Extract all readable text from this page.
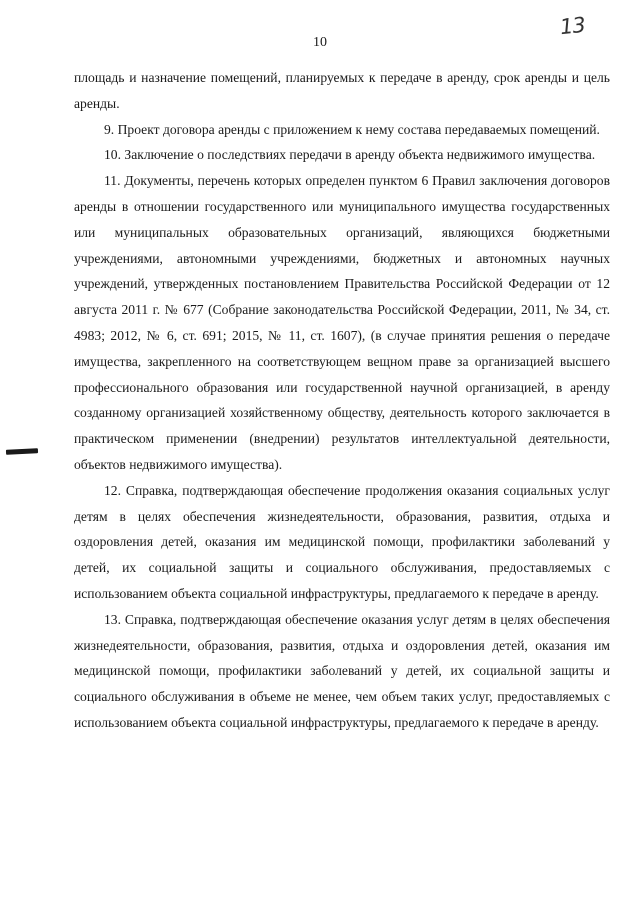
10
13

площадь и назначение помещений, планируемых к передаче в аренду, срок аренды и цель аренды.

9. Проект договора аренды с приложением к нему состава передаваемых помещений.

10. Заключение о последствиях передачи в аренду объекта недвижимого имущества.

11. Документы, перечень которых определен пунктом 6 Правил заключения договоров аренды в отношении государственного или муниципального имущества государственных или муниципальных образовательных организаций, являющихся бюджетными учреждениями, автономными учреждениями, бюджетных и автономных научных учреждений, утвержденных постановлением Правительства Российской Федерации от 12 августа 2011 г. № 677 (Собрание законодательства Российской Федерации, 2011, № 34, ст. 4983; 2012, № 6, ст. 691; 2015, № 11, ст. 1607), (в случае принятия решения о передаче имущества, закрепленного на соответствующем вещном праве за организацией высшего профессионального образования или государственной научной организацией, в аренду созданному организацией хозяйственному обществу, деятельность которого заключается в практическом применении (внедрении) результатов интеллектуальной деятельности, объектов недвижимого имущества).

12. Справка, подтверждающая обеспечение продолжения оказания социальных услуг детям в целях обеспечения жизнедеятельности, образования, развития, отдыха и оздоровления детей, оказания им медицинской помощи, профилактики заболеваний у детей, их социальной защиты и социального обслуживания, предоставляемых с использованием объекта социальной инфраструктуры, предлагаемого к передаче в аренду.

13. Справка, подтверждающая обеспечение оказания услуг детям в целях обеспечения жизнедеятельности, образования, развития, отдыха и оздоровления детей, оказания им медицинской помощи, профилактики заболеваний у детей, их социальной защиты и социального обслуживания в объеме не менее, чем объем таких услуг, предоставляемых с использованием объекта социальной инфраструктуры, предлагаемого к передаче в аренду.
